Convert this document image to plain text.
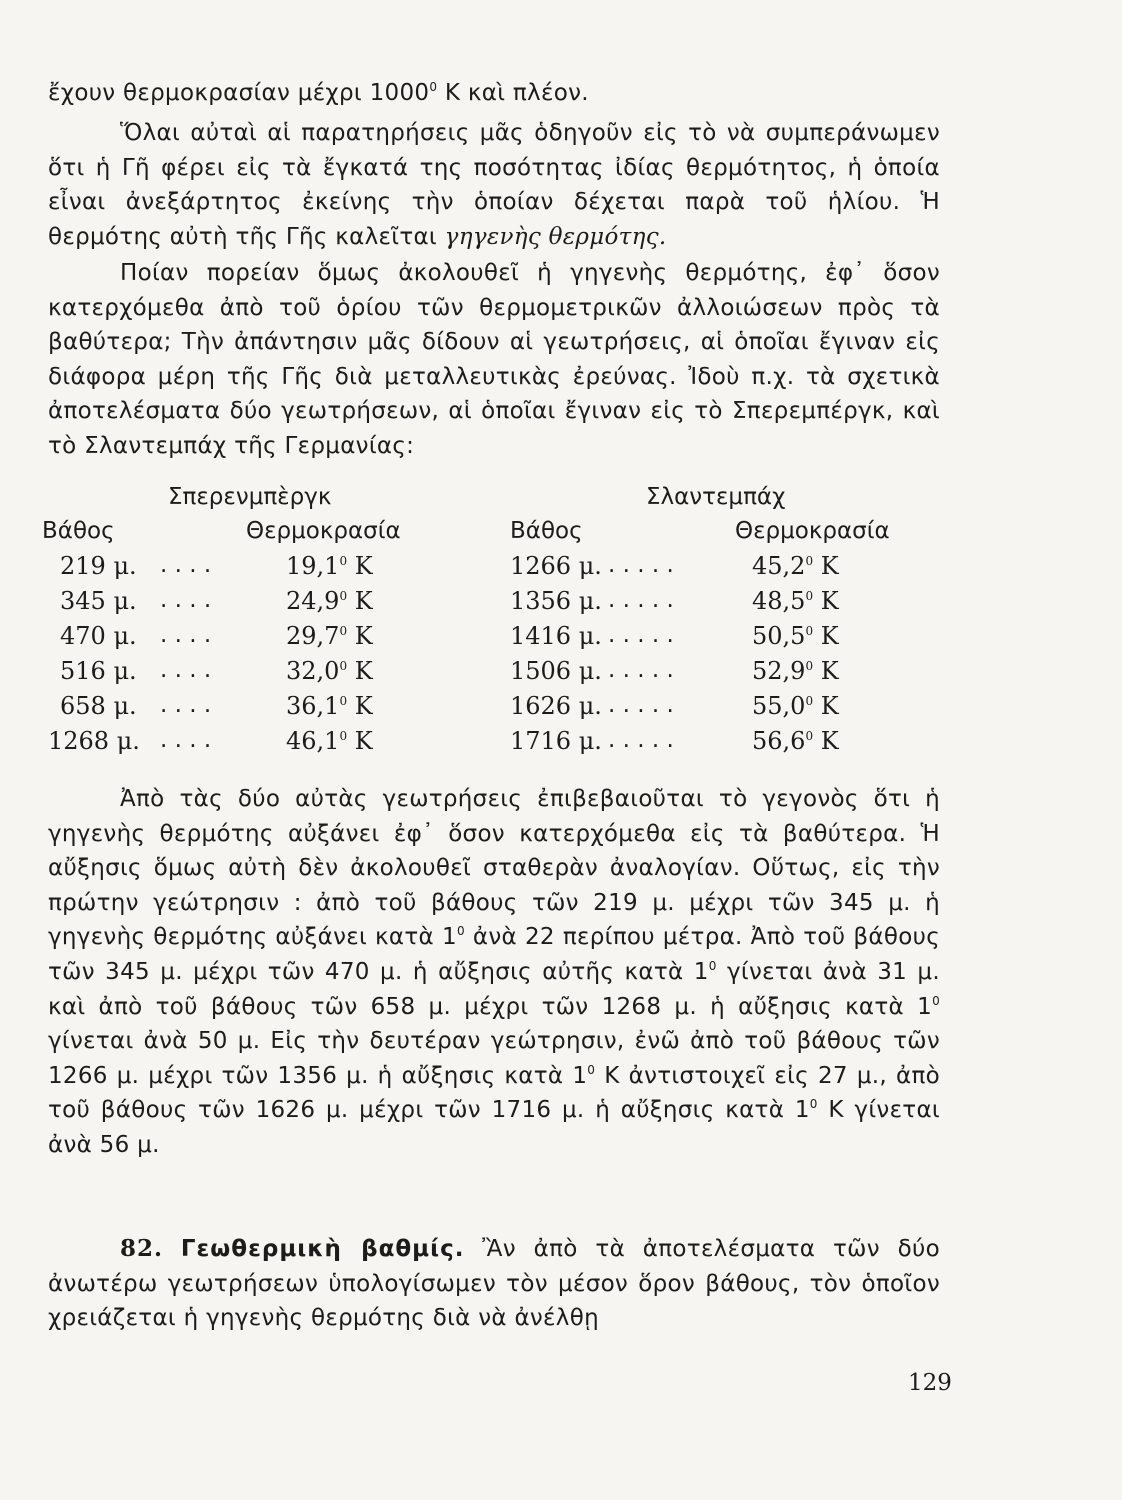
ἔχουν θερμοκρασίαν μέχρι 1000$^0$ Κ καὶ πλέον.
Ὅλαι αὐταὶ αἱ παρατηρήσεις μᾶς ὁδηγοῦν εἰς τὸ νὰ συμπεράνωμεν ὅτι ἡ Γῆ φέρει εἰς τὰ ἔγκατά της ποσότητας ἰδίας θερμότητος, ἡ ὁποία εἶναι ἀνεξάρτητος ἐκείνης τὴν ὁποίαν δέχεται παρὰ τοῦ ἡλίου. Ἡ θερμότης αὐτὴ τῆς Γῆς καλεῖται γηγενὴς θερμότης.
Ποίαν πορείαν ὅμως ἀκολουθεῖ ἡ γηγενὴς θερμότης, ἐφ᾽ ὅσον κατερχόμεθα ἀπὸ τοῦ ὁρίου τῶν θερμομετρικῶν ἀλλοιώσεων πρὸς τὰ βαθύτερα; Τὴν ἀπάντησιν μᾶς δίδουν αἱ γεωτρήσεις, αἱ ὁποῖαι ἔγιναν εἰς διάφορα μέρη τῆς Γῆς διὰ μεταλλευτικὰς ἐρεύνας. Ἰδοὺ π.χ. τὰ σχετικὰ ἀποτελέσματα δύο γεωτρήσεων, αἱ ὁποῖαι ἔγιναν εἰς τὸ Σπερεμπέργκ, καὶ τὸ Σλαντεμπάχ τῆς Γερμανίας:
Σπερενμπὲργκ	Σλαντεμπάχ
Βάθος	Θερμοκρασία	Βάθος	Θερμοκρασία
219 μ. . . . .	19,1$^0$ Κ	1266 μ. . . . . .	45,2$^0$ Κ
345 μ. . . . .	24,9$^0$ Κ	1356 μ. . . . . .	48,5$^0$ Κ
470 μ. . . . .	29,7$^0$ Κ	1416 μ. . . . . .	50,5$^0$ Κ
516 μ. . . . .	32,0$^0$ Κ	1506 μ. . . . . .	52,9$^0$ Κ
658 μ. . . . .	36,1$^0$ Κ	1626 μ. . . . . .	55,0$^0$ Κ
1268 μ. . . . .	46,1$^0$ Κ	1716 μ. . . . . .	56,6$^0$ Κ
Ἀπὸ τὰς δύο αὐτὰς γεωτρήσεις ἐπιβεβαιοῦται τὸ γεγονὸς ὅτι ἡ γηγενὴς θερμότης αὐξάνει ἐφ᾽ ὅσον κατερχόμεθα εἰς τὰ βαθύτερα. Ἡ αὔξησις ὅμως αὐτὴ δὲν ἀκολουθεῖ σταθερὰν ἀναλογίαν. Οὕτως, εἰς τὴν πρώτην γεώτρησιν : ἀπὸ τοῦ βάθους τῶν 219 μ. μέχρι τῶν 345 μ. ἡ γηγενὴς θερμότης αὐξάνει κατὰ $1^0$ ἀνὰ 22 περίπου μέτρα. Ἀπὸ τοῦ βάθους τῶν 345 μ. μέχρι τῶν 470 μ. ἡ αὔξησις αὐτῆς κατὰ $1^0$ γίνεται ἀνὰ 31 μ. καὶ ἀπὸ τοῦ βάθους τῶν 658 μ. μέχρι τῶν 1268 μ. ἡ αὔξησις κατὰ $1^0$ γίνεται ἀνὰ 50 μ. Εἰς τὴν δευτέραν γεώτρησιν, ἐνῶ ἀπὸ τοῦ βάθους τῶν 1266 μ. μέχρι τῶν 1356 μ. ἡ αὔξησις κατὰ $1^0$ Κ ἀντιστοιχεῖ εἰς 27 μ., ἀπὸ τοῦ βάθους τῶν 1626 μ. μέχρι τῶν 1716 μ. ἡ αὔξησις κατὰ $1^0$ Κ γίνεται ἀνὰ 56 μ.
82. Γεωθερμικὴ βαθμίς. Ἂν ἀπὸ τὰ ἀποτελέσματα τῶν δύο ἀνωτέρω γεωτρήσεων ὑπολογίσωμεν τὸν μέσον ὅρον βάθους, τὸν ὁποῖον χρειάζεται ἡ γηγενὴς θερμότης διὰ νὰ ἀνέλθῃ
129
